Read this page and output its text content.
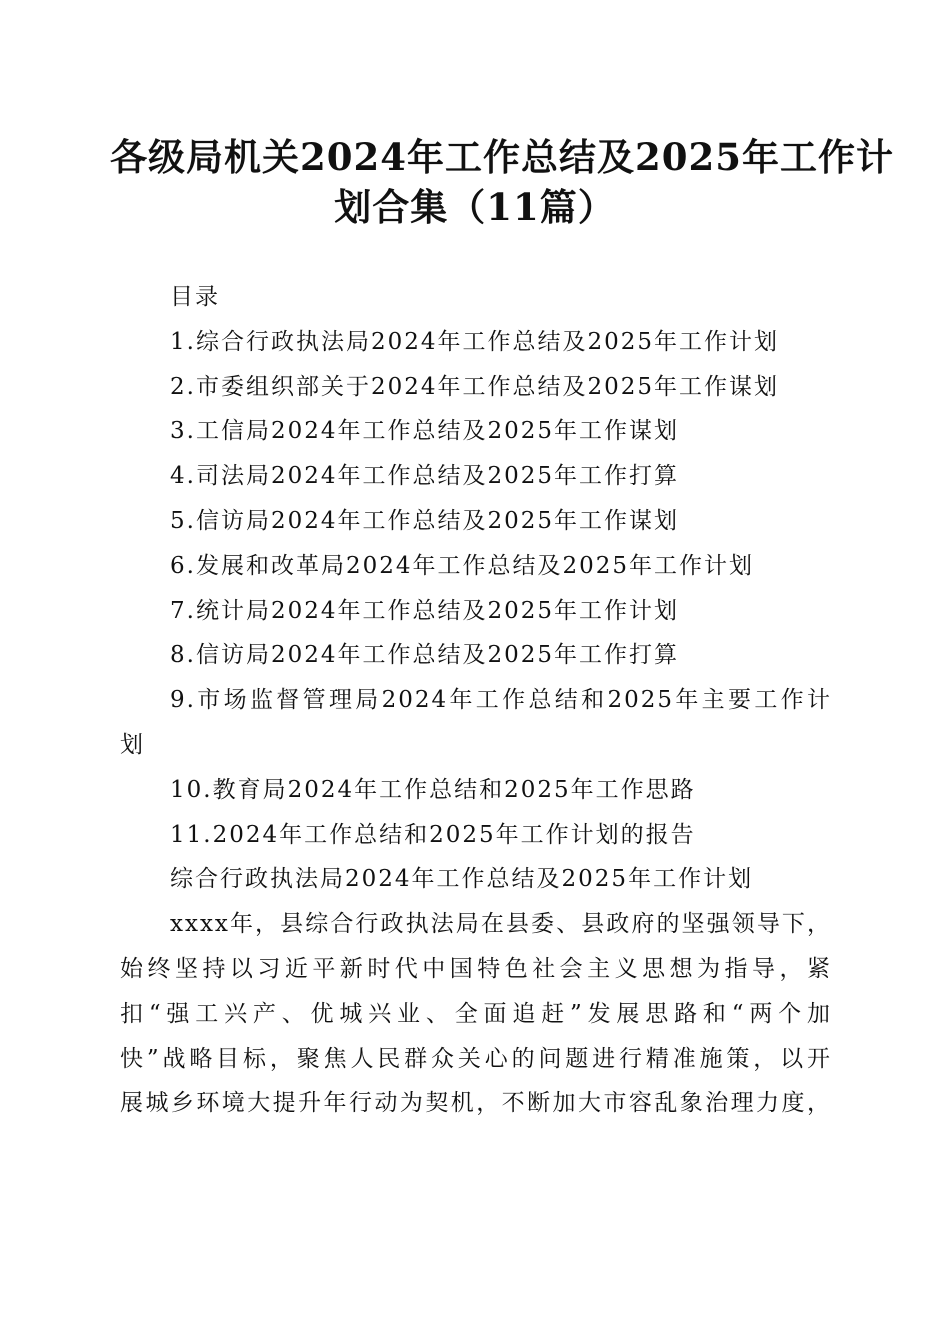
各级局机关2024年工作总结及2025年工作计
划合集（11篇）
目录
1.综合行政执法局2024年工作总结及2025年工作计划
2.市委组织部关于2024年工作总结及2025年工作谋划
3.工信局2024年工作总结及2025年工作谋划
4.司法局2024年工作总结及2025年工作打算
5.信访局2024年工作总结及2025年工作谋划
6.发展和改革局2024年工作总结及2025年工作计划
7.统计局2024年工作总结及2025年工作计划
8.信访局2024年工作总结及2025年工作打算
9.市场监督管理局2024年工作总结和2025年主要工作计
划
10.教育局2024年工作总结和2025年工作思路
11.2024年工作总结和2025年工作计划的报告
综合行政执法局2024年工作总结及2025年工作计划
xxxx年，县综合行政执法局在县委、县政府的坚强领导下，
始终坚持以习近平新时代中国特色社会主义思想为指导，紧
扣“强工兴产、优城兴业、全面追赶”发展思路和“两个加
快”战略目标，聚焦人民群众关心的问题进行精准施策，以开
展城乡环境大提升年行动为契机，不断加大市容乱象治理力度，
